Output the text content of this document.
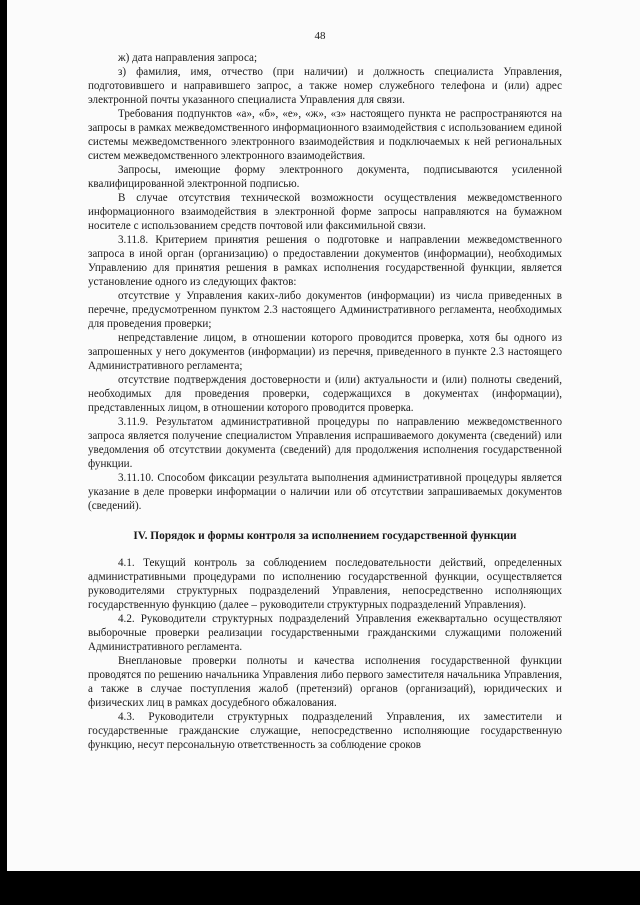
48

ж) дата направления запроса;

з) фамилия, имя, отчество (при наличии) и должность специалиста Управления, подготовившего и направившего запрос, а также номер служебного телефона и (или) адрес электронной почты указанного специалиста Управления для связи.

Требования подпунктов «а», «б», «е», «ж», «з» настоящего пункта не распространяются на запросы в рамках межведомственного информационного взаимодействия с использованием единой системы межведомственного электронного взаимодействия и подключаемых к ней региональных систем межведомственного электронного взаимодействия.

Запросы, имеющие форму электронного документа, подписываются усиленной квалифицированной электронной подписью.

В случае отсутствия технической возможности осуществления межведомственного информационного взаимодействия в электронной форме запросы направляются на бумажном носителе с использованием средств почтовой или факсимильной связи.

3.11.8. Критерием принятия решения о подготовке и направлении межведомственного запроса в иной орган (организацию) о предоставлении документов (информации), необходимых Управлению для принятия решения в рамках исполнения государственной функции, является установление одного из следующих фактов:

отсутствие у Управления каких-либо документов (информации) из числа приведенных в перечне, предусмотренном пунктом 2.3 настоящего Административного регламента, необходимых для проведения проверки;

непредставление лицом, в отношении которого проводится проверка, хотя бы одного из запрошенных у него документов (информации) из перечня, приведенного в пункте 2.3 настоящего Административного регламента;

отсутствие подтверждения достоверности и (или) актуальности и (или) полноты сведений, необходимых для проведения проверки, содержащихся в документах (информации), представленных лицом, в отношении которого проводится проверка.

3.11.9. Результатом административной процедуры по направлению межведомственного запроса является получение специалистом Управления испрашиваемого документа (сведений) или уведомления об отсутствии документа (сведений) для продолжения исполнения государственной функции.

3.11.10. Способом фиксации результата выполнения административной процедуры является указание в деле проверки информации о наличии или об отсутствии запрашиваемых документов (сведений).

IV. Порядок и формы контроля за исполнением государственной функции

4.1. Текущий контроль за соблюдением последовательности действий, определенных административными процедурами по исполнению государственной функции, осуществляется руководителями структурных подразделений Управления, непосредственно исполняющих государственную функцию (далее – руководители структурных подразделений Управления).

4.2. Руководители структурных подразделений Управления ежеквартально осуществляют выборочные проверки реализации государственными гражданскими служащими положений Административного регламента.

Внеплановые проверки полноты и качества исполнения государственной функции проводятся по решению начальника Управления либо первого заместителя начальника Управления, а также в случае поступления жалоб (претензий) органов (организаций), юридических и физических лиц в рамках досудебного обжалования.

4.3. Руководители структурных подразделений Управления, их заместители и государственные гражданские служащие, непосредственно исполняющие государственную функцию, несут персональную ответственность за соблюдение сроков
